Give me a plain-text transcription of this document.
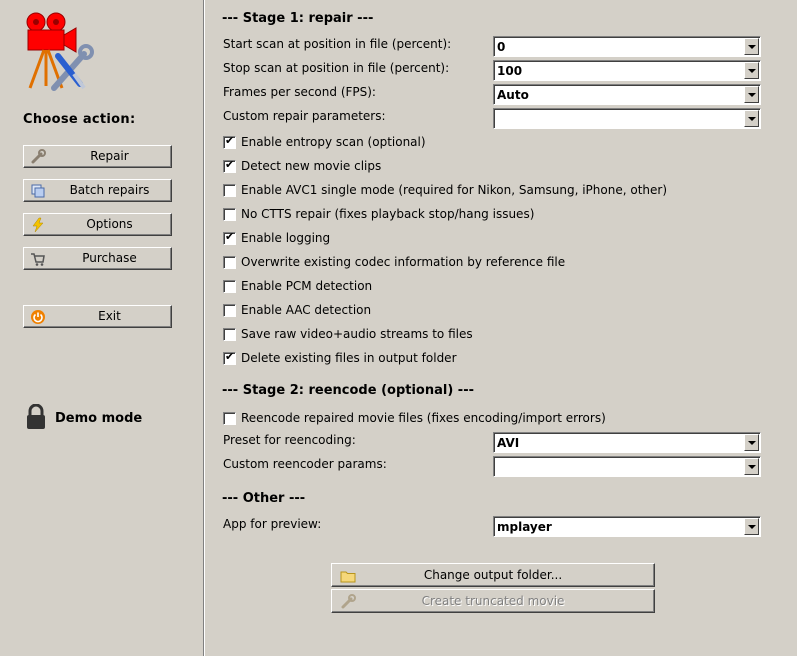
Choose action:
Repair
Batch repairs
Options
Purchase
Exit
Demo mode
--- Stage 1: repair ---
Start scan at position in file (percent):	0
Stop scan at position in file (percent):	100
Frames per second (FPS):	Auto
Custom repair parameters:
✔ Enable entropy scan (optional)
✔ Detect new movie clips
Enable AVC1 single mode (required for Nikon, Samsung, iPhone, other)
No CTTS repair (fixes playback stop/hang issues)
✔ Enable logging
Overwrite existing codec information by reference file
Enable PCM detection
Enable AAC detection
Save raw video+audio streams to files
✔ Delete existing files in output folder
--- Stage 2: reencode (optional) ---
Reencode repaired movie files (fixes encoding/import errors)
Preset for reencoding:	AVI
Custom reencoder params:
--- Other ---
App for preview:	mplayer
Change output folder...
Create truncated movie
